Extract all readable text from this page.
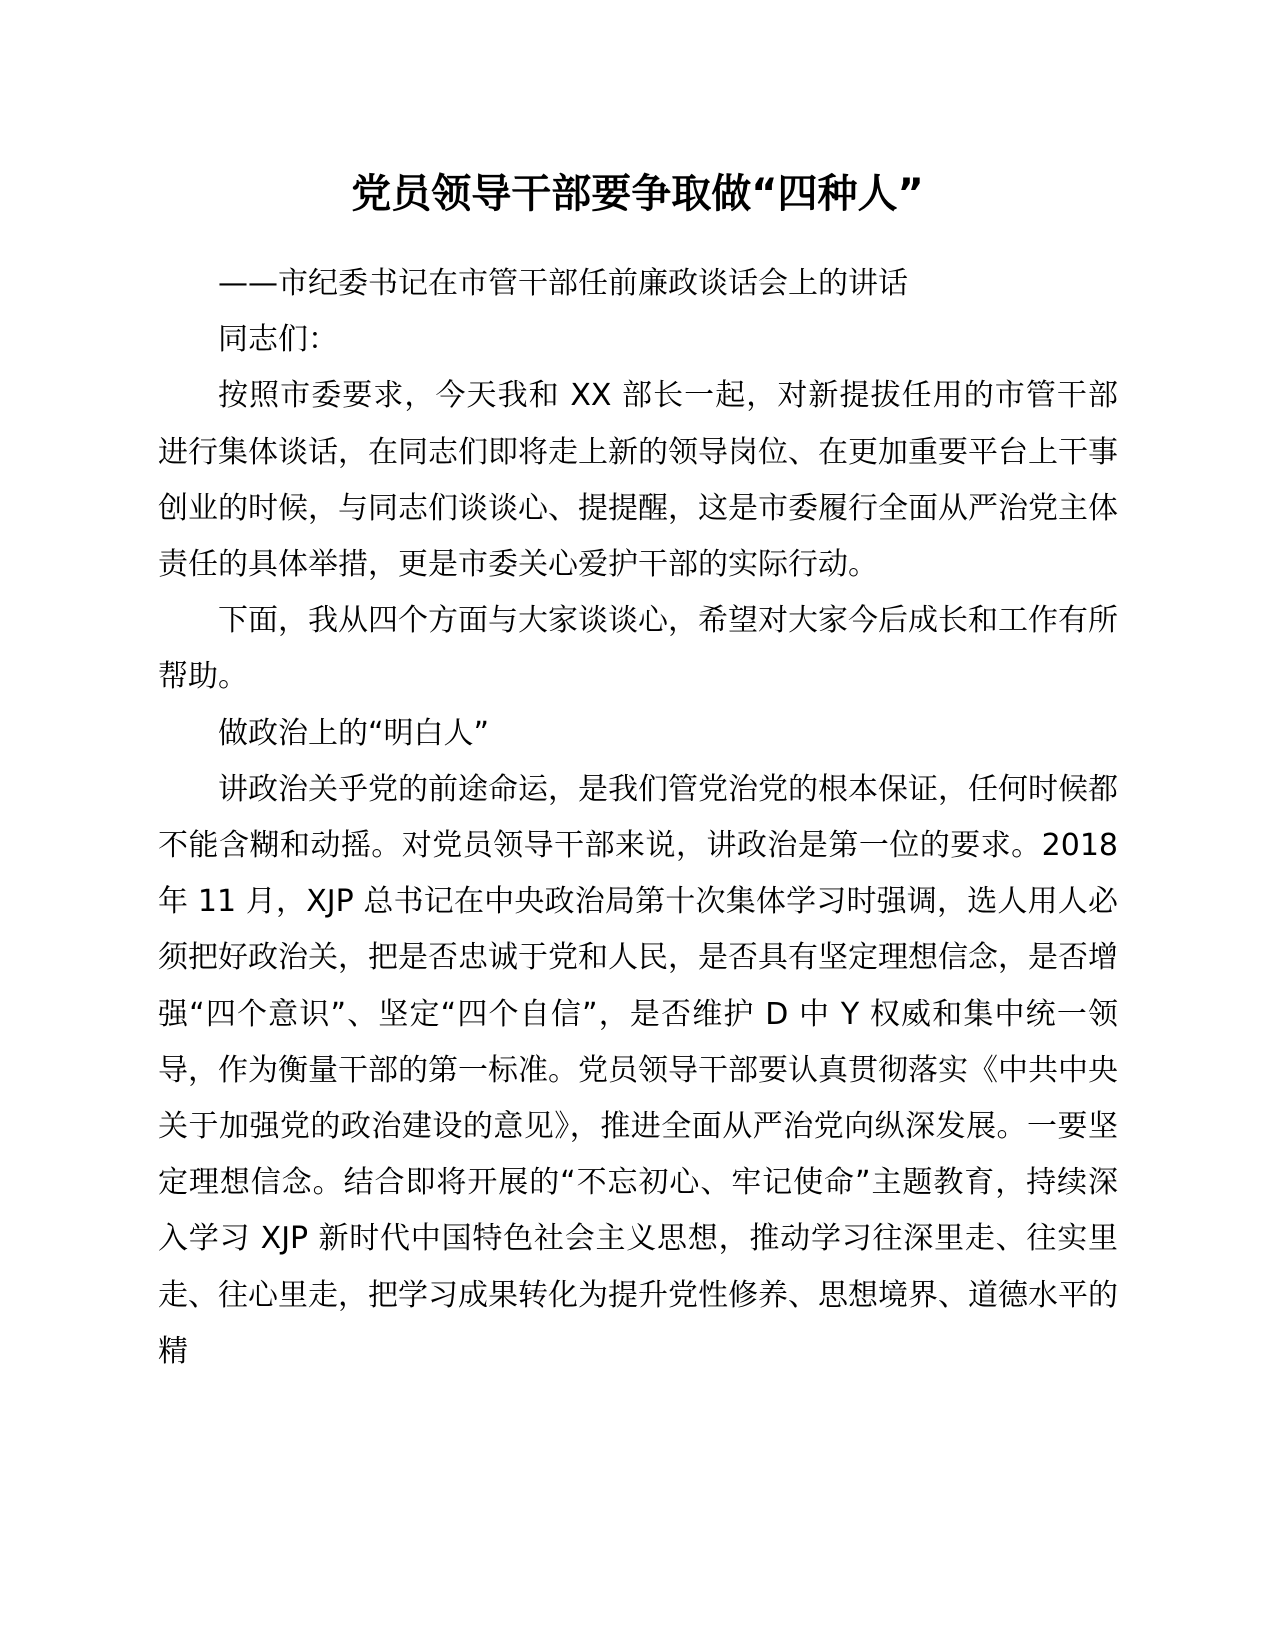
党员领导干部要争取做“四种人”

——市纪委书记在市管干部任前廉政谈话会上的讲话

同志们：

按照市委要求，今天我和 XX 部长一起，对新提拔任用的市管干部进行集体谈话，在同志们即将走上新的领导岗位、在更加重要平台上干事创业的时候，与同志们谈谈心、提提醒，这是市委履行全面从严治党主体责任的具体举措，更是市委关心爱护干部的实际行动。

下面，我从四个方面与大家谈谈心，希望对大家今后成长和工作有所帮助。

做政治上的“明白人”

讲政治关乎党的前途命运，是我们管党治党的根本保证，任何时候都不能含糊和动摇。对党员领导干部来说，讲政治是第一位的要求。2018 年 11 月，XJP 总书记在中央政治局第十次集体学习时强调，选人用人必须把好政治关，把是否忠诚于党和人民，是否具有坚定理想信念，是否增强“四个意识”、坚定“四个自信”，是否维护 D 中 Y 权威和集中统一领导，作为衡量干部的第一标准。党员领导干部要认真贯彻落实《中共中央关于加强党的政治建设的意见》，推进全面从严治党向纵深发展。一要坚定理想信念。结合即将开展的“不忘初心、牢记使命”主题教育，持续深入学习 XJP 新时代中国特色社会主义思想，推动学习往深里走、往实里走、往心里走，把学习成果转化为提升党性修养、思想境界、道德水平的精
